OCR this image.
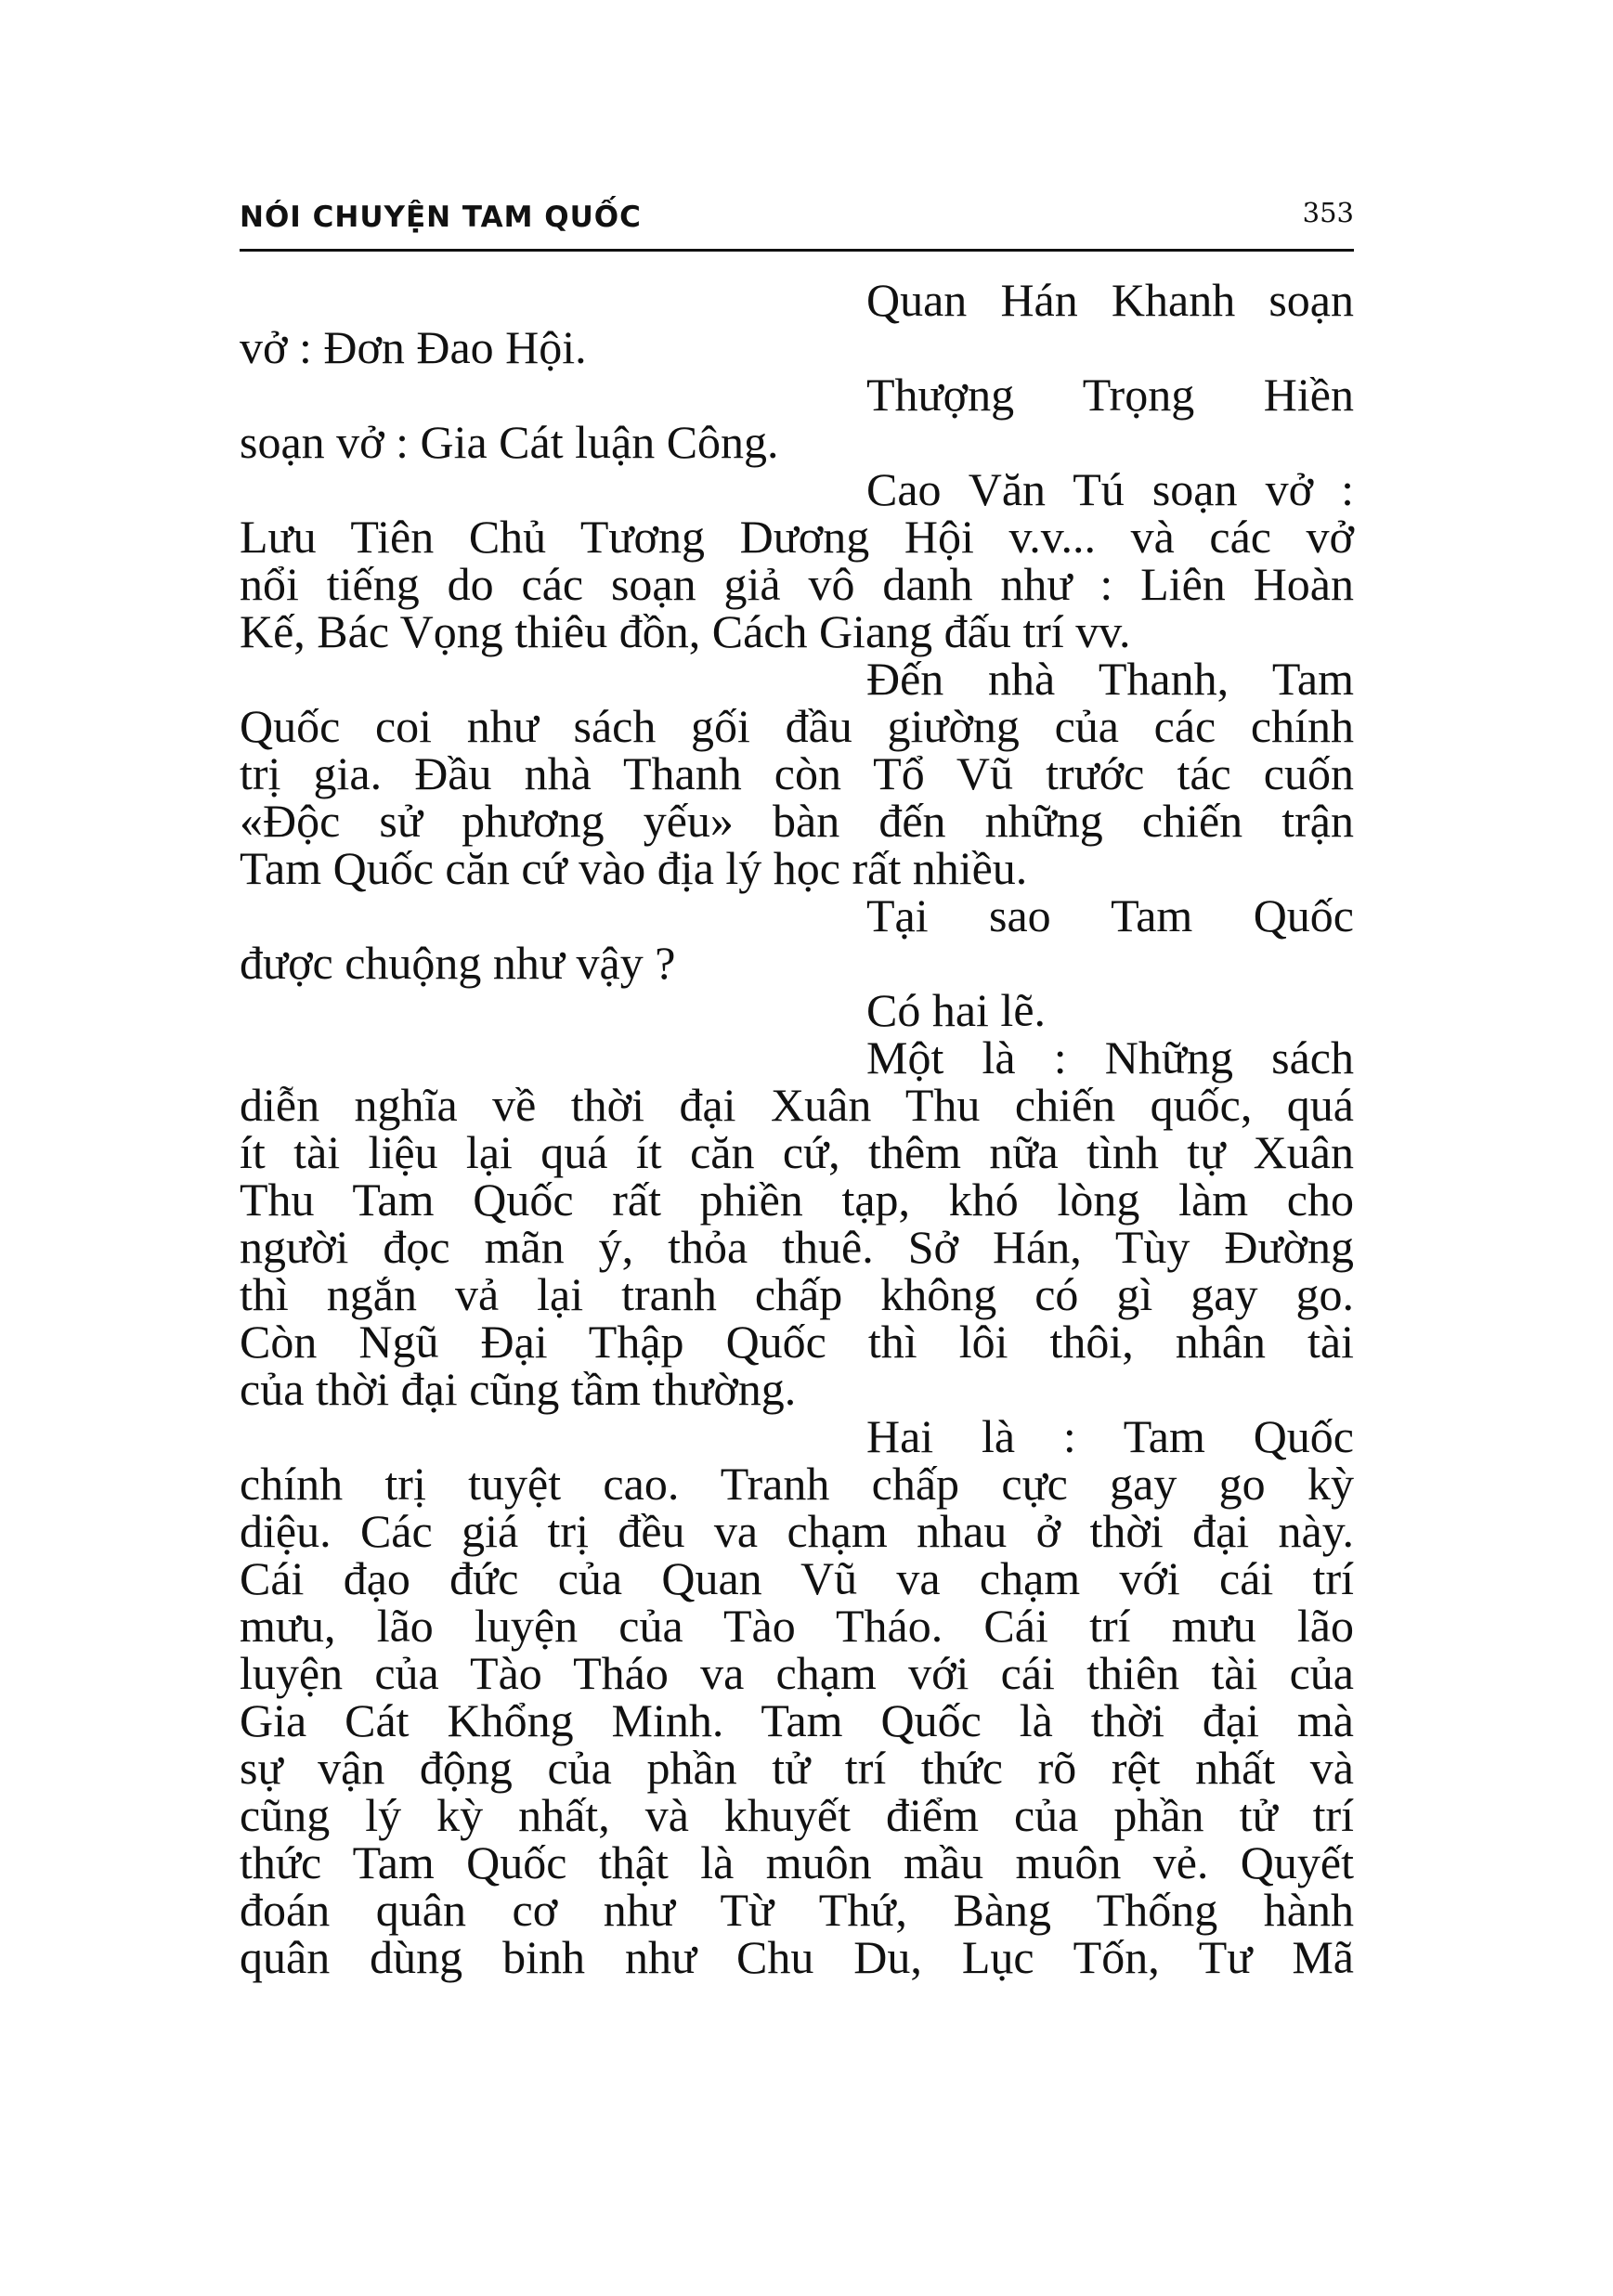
NÓI CHUYỆN TAM QUỐC	353
Quan Hán Khanh soạn
vở : Đơn Đao Hội.
Thượng Trọng Hiền
soạn vở : Gia Cát luận Công.
Cao Văn Tú soạn vở :
Lưu Tiên Chủ Tương Dương Hội v.v... và các vở
nổi tiếng do các soạn giả vô danh như : Liên Hoàn
Kế, Bác Vọng thiêu đồn, Cách Giang đấu trí vv.
Đến nhà Thanh, Tam
Quốc coi như sách gối đầu giường của các chính
trị gia. Đầu nhà Thanh còn Tổ Vũ trước tác cuốn
«Độc sử phương yếu» bàn đến những chiến trận
Tam Quốc căn cứ vào địa lý học rất nhiều.
Tại sao Tam Quốc
được chuộng như vậy ?
Có hai lẽ.
Một là : Những sách
diễn nghĩa về thời đại Xuân Thu chiến quốc, quá
ít tài liệu lại quá ít căn cứ, thêm nữa tình tự Xuân
Thu Tam Quốc rất phiền tạp, khó lòng làm cho
người đọc mãn ý, thỏa thuê. Sở Hán, Tùy Đường
thì ngắn vả lại tranh chấp không có gì gay go.
Còn Ngũ Đại Thập Quốc thì lôi thôi, nhân tài
của thời đại cũng tầm thường.
Hai là : Tam Quốc
chính trị tuyệt cao. Tranh chấp cực gay go kỳ
diệu. Các giá trị đều va chạm nhau ở thời đại này.
Cái đạo đức của Quan Vũ va chạm với cái trí
mưu, lão luyện của Tào Tháo. Cái trí mưu lão
luyện của Tào Tháo va chạm với cái thiên tài của
Gia Cát Khổng Minh. Tam Quốc là thời đại mà
sự vận động của phần tử trí thức rõ rệt nhất và
cũng lý kỳ nhất, và khuyết điểm của phần tử trí
thức Tam Quốc thật là muôn mầu muôn vẻ. Quyết
đoán quân cơ như Từ Thứ, Bàng Thống hành
quân dùng binh như Chu Du, Lục Tốn, Tư Mã
